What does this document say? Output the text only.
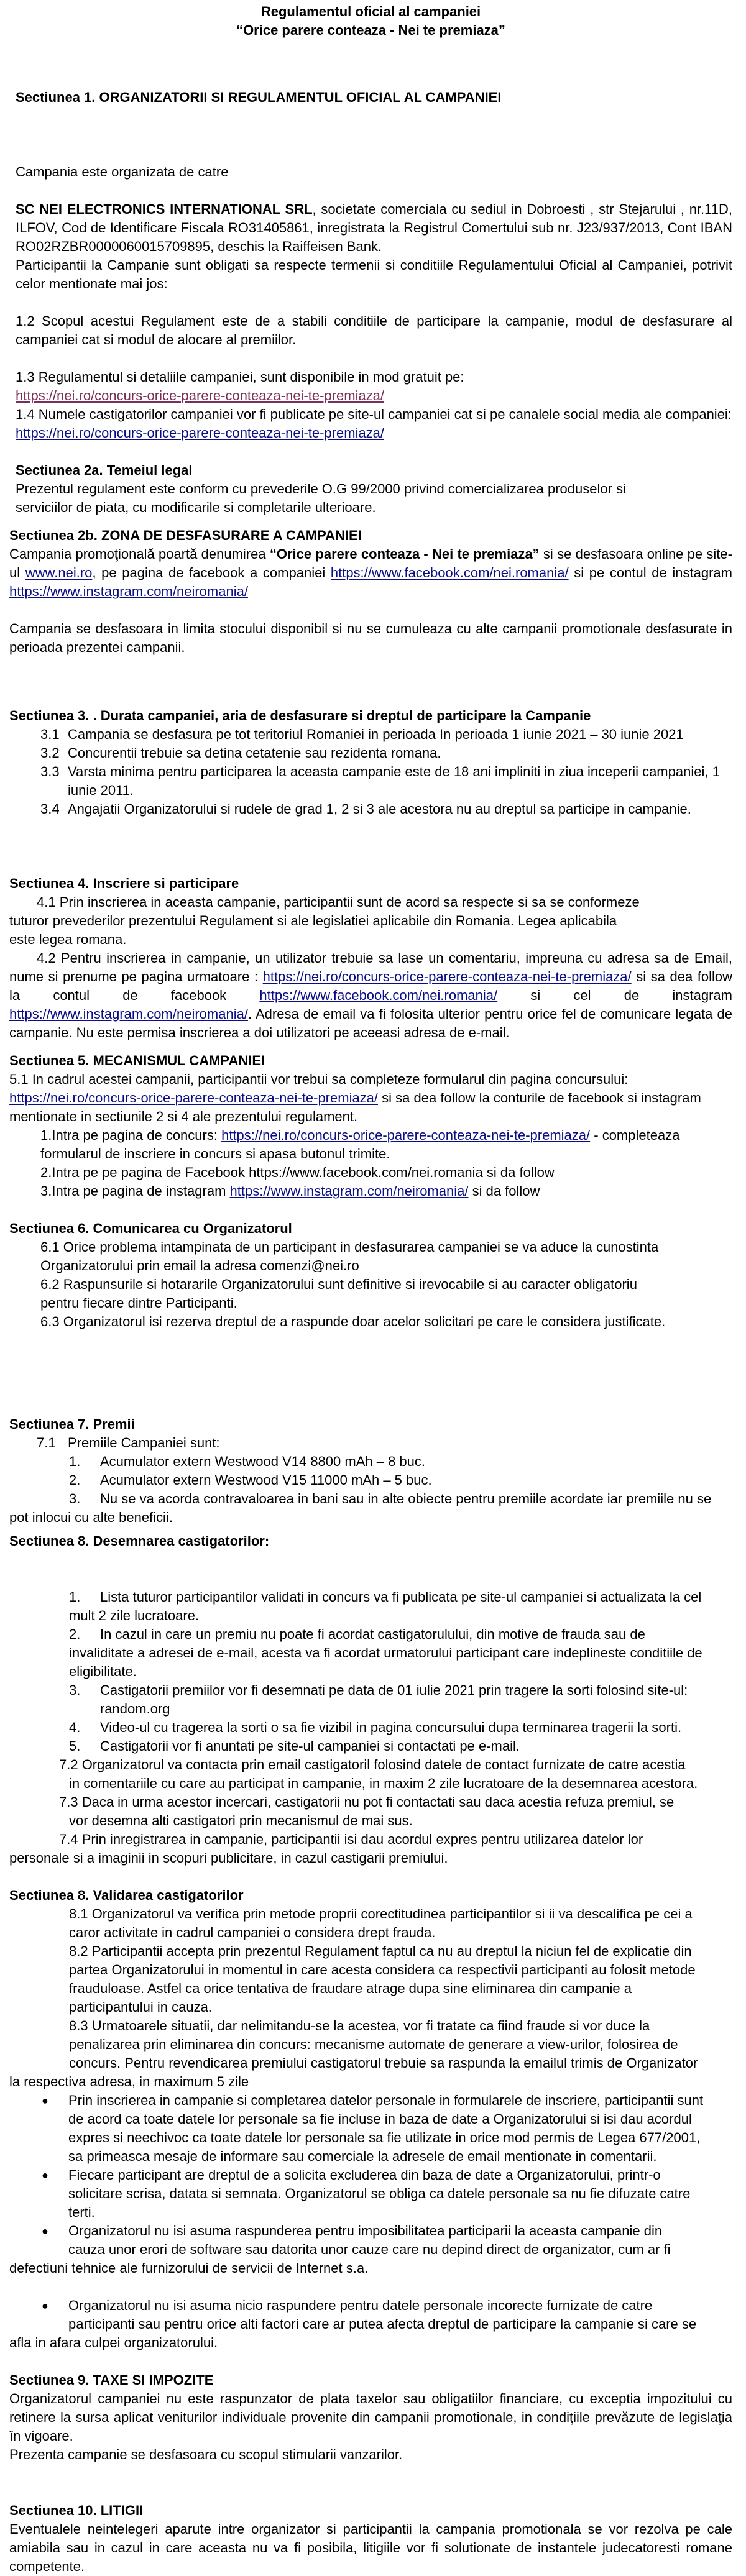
Regulamentul oficial al campaniei

“Orice parere conteaza - Nei te premiaza”

Sectiunea 1. ORGANIZATORII SI REGULAMENTUL OFICIAL AL CAMPANIEI

Campania este organizata de catre

SC NEI ELECTRONICS INTERNATIONAL SRL, societate comerciala cu sediul in Dobroesti , str Stejarului , nr.11D, ILFOV, Cod de Identificare Fiscala RO31405861, inregistrata la Registrul Comertului sub nr. J23/937/2013, Cont IBAN RO02RZBR0000060015709895, deschis la Raiffeisen Bank.

Participantii la Campanie sunt obligati sa respecte termenii si conditiile Regulamentului Oficial al Campaniei, potrivit celor mentionate mai jos:

1.2 Scopul acestui Regulament este de a stabili conditiile de participare la campanie, modul de desfasurare al campaniei cat si modul de alocare al premiilor.

1.3 Regulamentul si detaliile campaniei, sunt disponibile in mod gratuit pe:

https://nei.ro/concurs-orice-parere-conteaza-nei-te-premiaza/

1.4 Numele castigatorilor campaniei vor fi publicate pe site-ul campaniei cat si pe canalele social media ale companiei:

https://nei.ro/concurs-orice-parere-conteaza-nei-te-premiaza/

Sectiunea 2a. Temeiul legal

Prezentul regulament este conform cu prevederile O.G 99/2000 privind comercializarea produselor si

serviciilor de piata, cu modificarile si completarile ulterioare.

Sectiunea 2b. ZONA DE DESFASURARE A CAMPANIEI

Campania promoţională poartă denumirea “Orice parere conteaza - Nei te premiaza” si se desfasoara online pe site-ul www.nei.ro, pe pagina de facebook a companiei https://www.facebook.com/nei.romania/ si pe contul de instagram https://www.instagram.com/neiromania/

Campania se desfasoara in limita stocului disponibil si nu se cumuleaza cu alte campanii promotionale desfasurate in perioada prezentei campanii.

Sectiunea 3. . Durata campaniei, aria de desfasurare si dreptul de participare la Campanie
3.1 Campania se desfasura pe tot teritoriul Romaniei in perioada In perioada 1 iunie 2021 – 30 iunie 2021
3.2 Concurentii trebuie sa detina cetatenie sau rezidenta romana.
3.3 Varsta minima pentru participarea la aceasta campanie este de 18 ani impliniti in ziua inceperii campaniei, 1 iunie 2011.
3.4 Angajatii Organizatorului si rudele de grad 1, 2 si 3 ale acestora nu au dreptul sa participe in campanie.
Sectiunea 4. Inscriere si participare

4.1 Prin inscrierea in aceasta campanie, participantii sunt de acord sa respecte si sa se conformeze tuturor prevederilor prezentului Regulament si ale legislatiei aplicabile din Romania. Legea aplicabila este legea romana.

4.2 Pentru inscrierea in campanie, un utilizator trebuie sa lase un comentariu, impreuna cu adresa sa de Email, nume si prenume pe pagina urmatoare : https://nei.ro/concurs-orice-parere-conteaza-nei-te-premiaza/ si sa dea follow la contul de facebook https://www.facebook.com/nei.romania/ si cel de instagram https://www.instagram.com/neiromania/. Adresa de email va fi folosita ulterior pentru orice fel de comunicare legata de campanie. Nu este permisa inscrierea a doi utilizatori pe aceeasi adresa de e-mail.

Sectiunea 5. MECANISMUL CAMPANIEI

5.1 In cadrul acestei campanii, participantii vor trebui sa completeze formularul din pagina concursului: https://nei.ro/concurs-orice-parere-conteaza-nei-te-premiaza/ si sa dea follow la conturile de facebook si instagram mentionate in sectiunile 2 si 4 ale prezentului regulament.

1.Intra pe pagina de concurs: https://nei.ro/concurs-orice-parere-conteaza-nei-te-premiaza/ - completeaza formularul de inscriere in concurs si apasa butonul trimite.

2.Intra pe pe pagina de Facebook https://www.facebook.com/nei.romania si da follow

3.Intra pe pagina de instagram https://www.instagram.com/neiromania/ si da follow

Sectiunea 6. Comunicarea cu Organizatorul

6.1 Orice problema intampinata de un participant in desfasurarea campaniei se va aduce la cunostinta Organizatorului prin email la adresa comenzi@nei.ro

6.2 Raspunsurile si hotararile Organizatorului sunt definitive si irevocabile si au caracter obligatoriu pentru fiecare dintre Participanti.

6.3 Organizatorul isi rezerva dreptul de a raspunde doar acelor solicitari pe care le considera justificate.

Sectiunea 7. Premii
7.1 Premiile Campaniei sunt:
1.	Acumulator extern Westwood V14 8800 mAh – 8 buc.
2.	Acumulator extern Westwood V15 11000 mAh – 5 buc.

3. Nu se va acorda contravaloarea in bani sau in alte obiecte pentru premiile acordate iar premiile nu se pot inlocui cu alte beneficii.

Sectiunea 8. Desemnarea castigatorilor:

1. Lista tuturor participantilor validati in concurs va fi publicata pe site-ul campaniei si actualizata la cel mult 2 zile lucratoare.

2. In cazul in care un premiu nu poate fi acordat castigatorulului, din motive de frauda sau de invaliditate a adresei de e-mail, acesta va fi acordat urmatorului participant care indeplineste conditiile de eligibilitate.

3.	Castigatorii premiilor vor fi desemnati pe data de 01 iulie 2021 prin tragere la sorti folosind site-ul: random.org
4.	Video-ul cu tragerea la sorti o sa fie vizibil in pagina concursului dupa terminarea tragerii la sorti.
5.	Castigatorii vor fi anuntati pe site-ul campaniei si contactati pe e-mail.

7.2 Organizatorul va contacta prin email castigatoril folosind datele de contact furnizate de catre acestia

in comentariile cu care au participat in campanie, in maxim 2 zile lucratoare de la desemnarea acestora.

7.3 Daca in urma acestor incercari, castigatorii nu pot fi contactati sau daca acestia refuza premiul, se

vor desemna alti castigatori prin mecanismul de mai sus.

7.4 Prin inregistrarea in campanie, participantii isi dau acordul expres pentru utilizarea datelor lor personale si a imaginii in scopuri publicitare, in cazul castigarii premiului.

Sectiunea 8. Validarea castigatorilor

8.1 Organizatorul va verifica prin metode proprii corectitudinea participantilor si ii va descalifica pe cei a caror activitate in cadrul campaniei o considera drept frauda.

8.2 Participantii accepta prin prezentul Regulament faptul ca nu au dreptul la niciun fel de explicatie din partea Organizatorului in momentul in care acesta considera ca respectivii participanti au folosit metode frauduloase. Astfel ca orice tentativa de fraudare atrage dupa sine eliminarea din campanie a participantului in cauza.

8.3 Urmatoarele situatii, dar nelimitandu-se la acestea, vor fi tratate ca fiind fraude si vor duce la penalizarea prin eliminarea din concurs: mecanisme automate de generare a view-urilor, folosirea de concurs. Pentru revendicarea premiului castigatorul trebuie sa raspunda la emailul trimis de Organizator

la respectiva adresa, in maximum 5 zile

●	Prin inscrierea in campanie si completarea datelor personale in formularele de inscriere, participantii sunt de acord ca toate datele lor personale sa fie incluse in baza de date a Organizatorului si isi dau acordul expres si neechivoc ca toate datele lor personale sa fie utilizate in orice mod permis de Legea 677/2001, sa primeasca mesaje de informare sau comerciale la adresele de email mentionate in comentarii.
●	Fiecare participant are dreptul de a solicita excluderea din baza de date a Organizatorului, printr-o solicitare scrisa, datata si semnata. Organizatorul se obliga ca datele personale sa nu fie difuzate catre terti.
●	Organizatorul nu isi asuma raspunderea pentru imposibilitatea participarii la aceasta campanie din cauza unor erori de software sau datorita unor cauze care nu depind direct de organizator, cum ar fi

defectiuni tehnice ale furnizorului de servicii de Internet s.a.

●	Organizatorul nu isi asuma nicio raspundere pentru datele personale incorecte furnizate de catre participanti sau pentru orice alti factori care ar putea afecta dreptul de participare la campanie si care se

afla in afara culpei organizatorului.

Sectiunea 9. TAXE SI IMPOZITE

Organizatorul campaniei nu este raspunzator de plata taxelor sau obligatiilor financiare, cu exceptia impozitului cu retinere la sursa aplicat veniturilor individuale provenite din campanii promotionale, in condiţiile prevăzute de legislaţia în vigoare.

Prezenta campanie se desfasoara cu scopul stimularii vanzarilor.

Sectiunea 10. LITIGII

Eventualele neintelegeri aparute intre organizator si participantii la campania promotionala se vor rezolva pe cale amiabila sau in cazul in care aceasta nu va fi posibila, litigiile vor fi solutionate de instantele judecatoresti romane competente.
